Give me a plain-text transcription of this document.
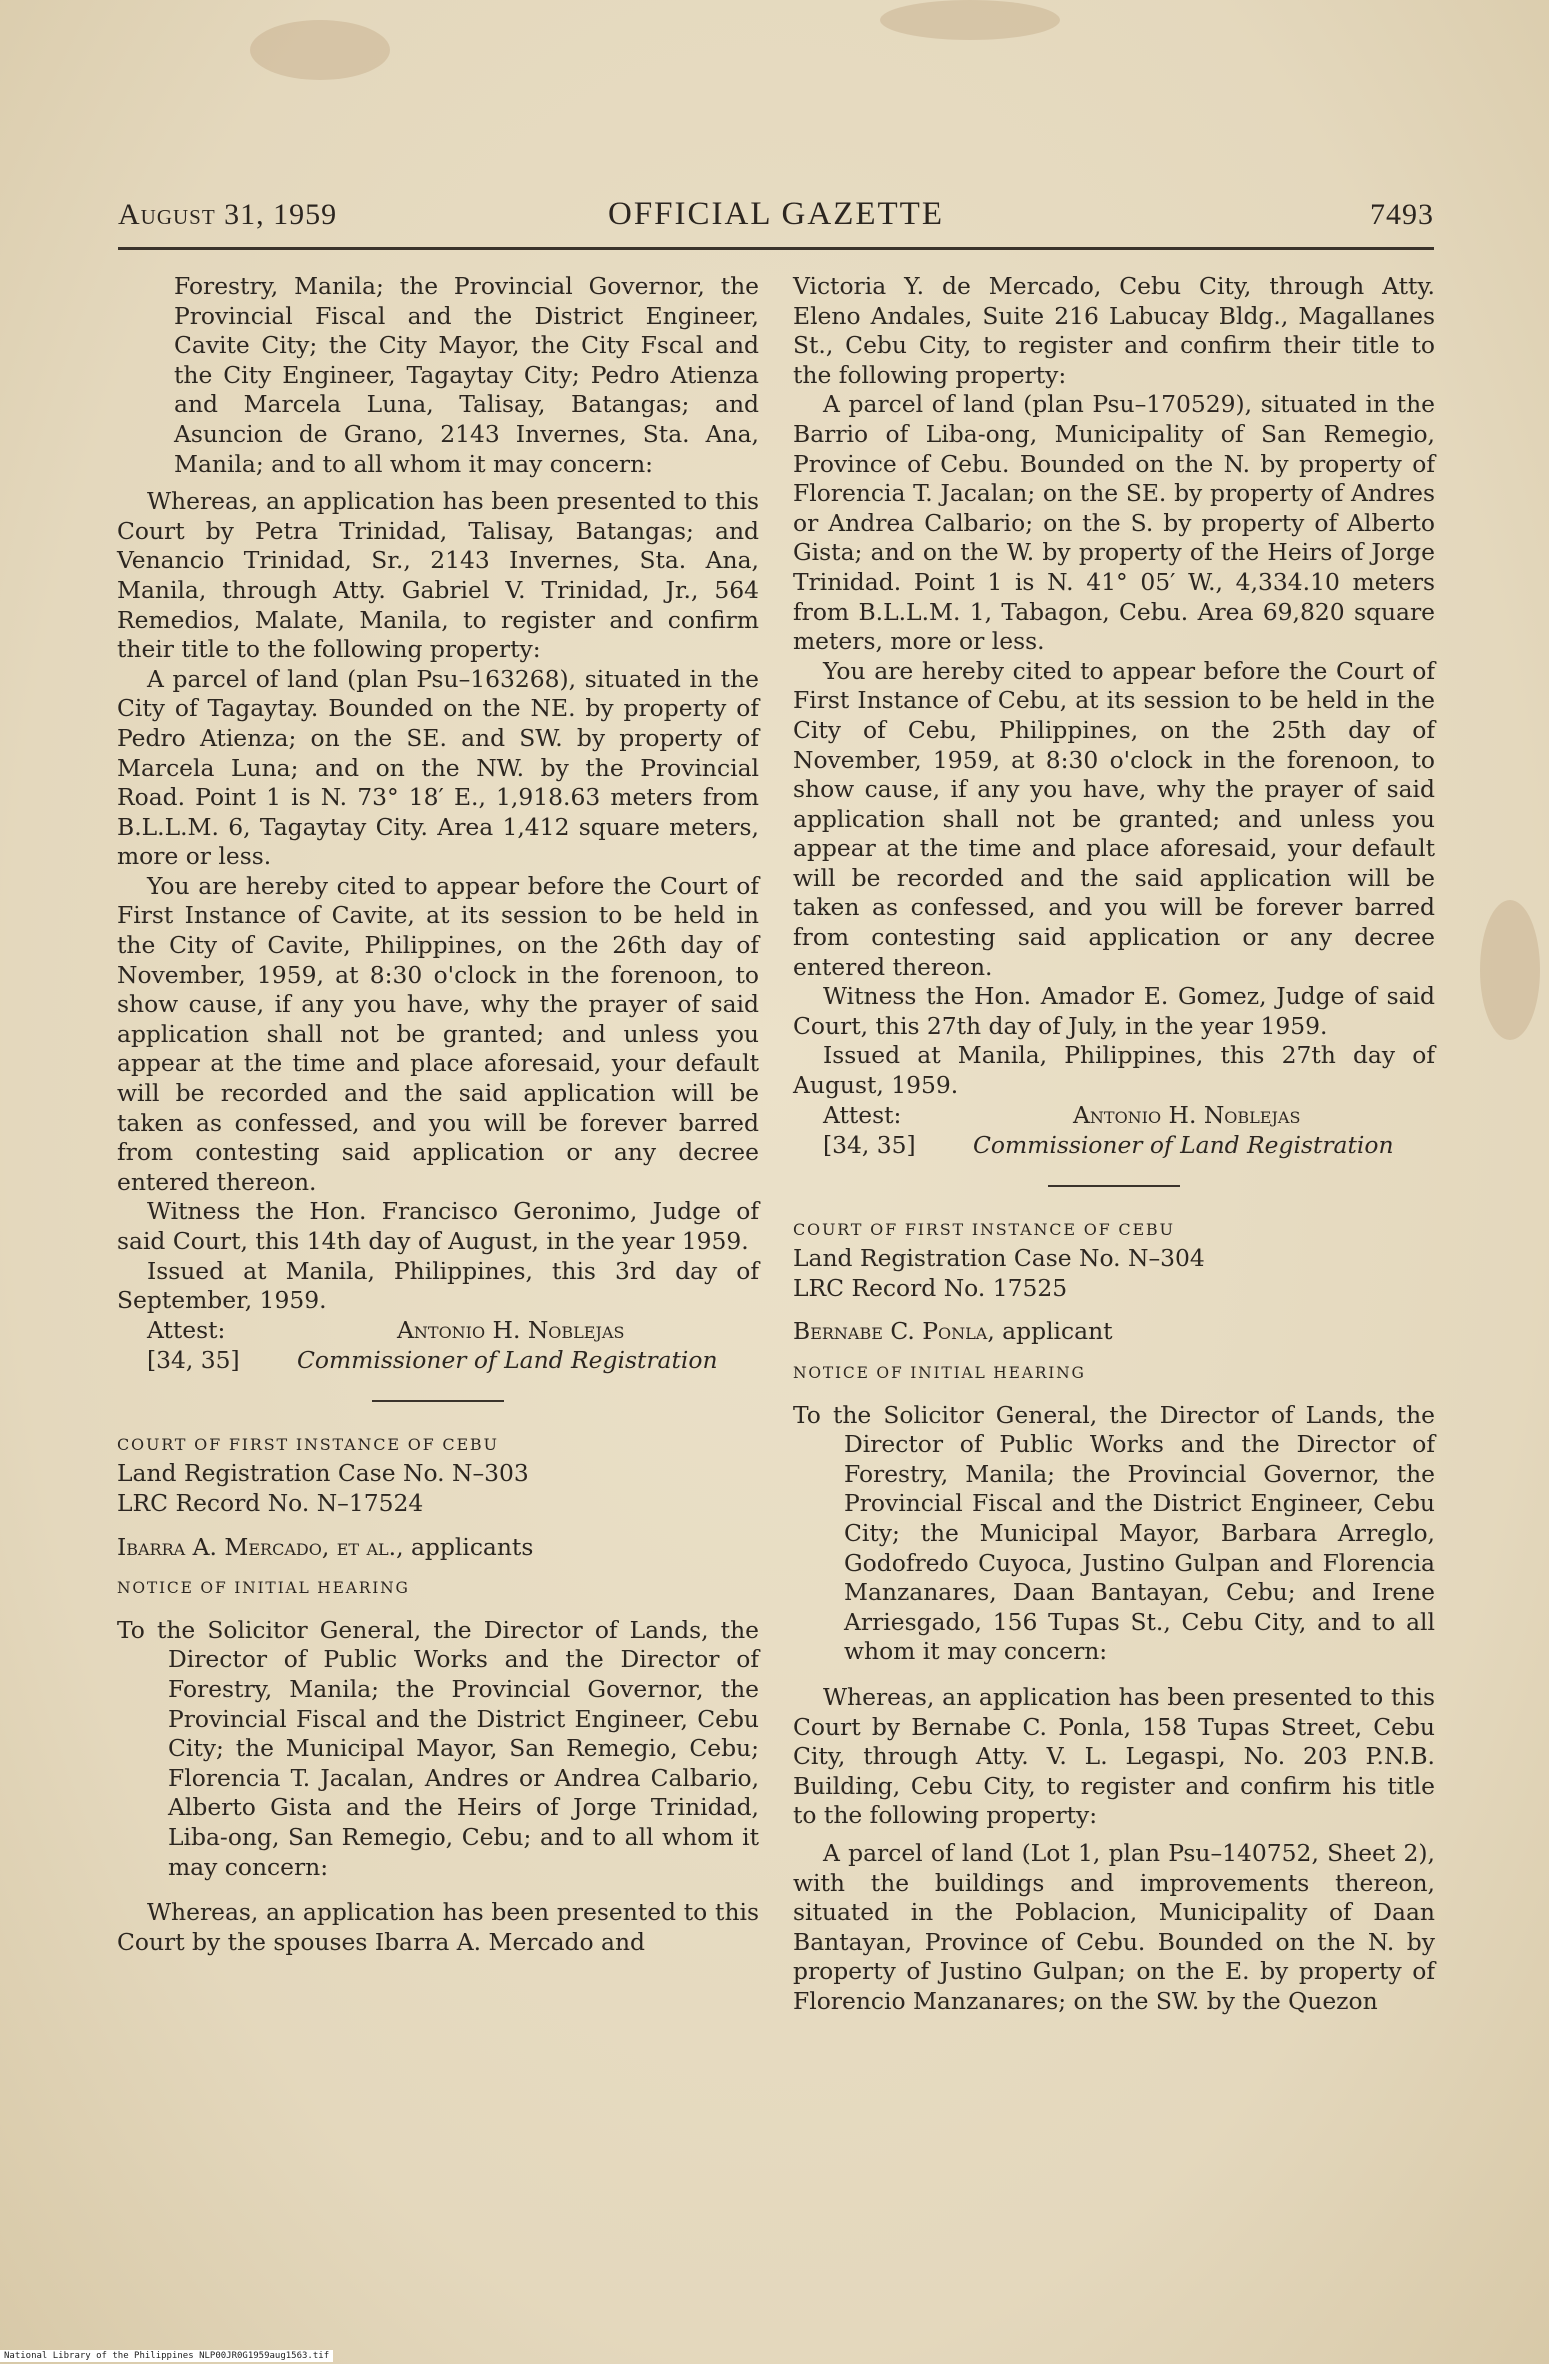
August 31, 1959	OFFICIAL GAZETTE	7493

Forestry, Manila; the Provincial Governor, the Provincial Fiscal and the District Engineer, Cavite City; the City Mayor, the City Fscal and the City Engineer, Tagaytay City; Pedro Atienza and Marcela Luna, Talisay, Batangas; and Asuncion de Grano, 2143 Invernes, Sta. Ana, Manila; and to all whom it may concern:

Whereas, an application has been presented to this Court by Petra Trinidad, Talisay, Batangas; and Venancio Trinidad, Sr., 2143 Invernes, Sta. Ana, Manila, through Atty. Gabriel V. Trinidad, Jr., 564 Remedios, Malate, Manila, to register and confirm their title to the following property:

A parcel of land (plan Psu–163268), situated in the City of Tagaytay. Bounded on the NE. by property of Pedro Atienza; on the SE. and SW. by property of Marcela Luna; and on the NW. by the Provincial Road. Point 1 is N. 73° 18′ E., 1,918.63 meters from B.L.L.M. 6, Tagaytay City. Area 1,412 square meters, more or less.

You are hereby cited to appear before the Court of First Instance of Cavite, at its session to be held in the City of Cavite, Philippines, on the 26th day of November, 1959, at 8:30 o'clock in the forenoon, to show cause, if any you have, why the prayer of said application shall not be granted; and unless you appear at the time and place aforesaid, your default will be recorded and the said application will be taken as confessed, and you will be forever barred from contesting said application or any decree entered thereon.

Witness the Hon. Francisco Geronimo, Judge of said Court, this 14th day of August, in the year 1959.

Issued at Manila, Philippines, this 3rd day of September, 1959.

Attest:	Antonio H. Noblejas
[34, 35] Commissioner of Land Registration

COURT OF FIRST INSTANCE OF CEBU

Land Registration Case No. N–303

LRC Record No. N–17524

Ibarra A. Mercado, et al., applicants

NOTICE OF INITIAL HEARING

To the Solicitor General, the Director of Lands, the Director of Public Works and the Director of Forestry, Manila; the Provincial Governor, the Provincial Fiscal and the District Engineer, Cebu City; the Municipal Mayor, San Remegio, Cebu; Florencia T. Jacalan, Andres or Andrea Calbario, Alberto Gista and the Heirs of Jorge Trinidad, Liba-ong, San Remegio, Cebu; and to all whom it may concern:

Whereas, an application has been presented to this Court by the spouses Ibarra A. Mercado and

Victoria Y. de Mercado, Cebu City, through Atty. Eleno Andales, Suite 216 Labucay Bldg., Magallanes St., Cebu City, to register and confirm their title to the following property:

A parcel of land (plan Psu–170529), situated in the Barrio of Liba-ong, Municipality of San Remegio, Province of Cebu. Bounded on the N. by property of Florencia T. Jacalan; on the SE. by property of Andres or Andrea Calbario; on the S. by property of Alberto Gista; and on the W. by property of the Heirs of Jorge Trinidad. Point 1 is N. 41° 05′ W., 4,334.10 meters from B.L.L.M. 1, Tabagon, Cebu. Area 69,820 square meters, more or less.

You are hereby cited to appear before the Court of First Instance of Cebu, at its session to be held in the City of Cebu, Philippines, on the 25th day of November, 1959, at 8:30 o'clock in the forenoon, to show cause, if any you have, why the prayer of said application shall not be granted; and unless you appear at the time and place aforesaid, your default will be recorded and the said application will be taken as confessed, and you will be forever barred from contesting said application or any decree entered thereon.

Witness the Hon. Amador E. Gomez, Judge of said Court, this 27th day of July, in the year 1959.

Issued at Manila, Philippines, this 27th day of August, 1959.

Attest:	Antonio H. Noblejas
[34, 35] Commissioner of Land Registration

COURT OF FIRST INSTANCE OF CEBU

Land Registration Case No. N–304

LRC Record No. 17525

Bernabe C. Ponla, applicant

NOTICE OF INITIAL HEARING

To the Solicitor General, the Director of Lands, the Director of Public Works and the Director of Forestry, Manila; the Provincial Governor, the Provincial Fiscal and the District Engineer, Cebu City; the Municipal Mayor, Barbara Arreglo, Godofredo Cuyoca, Justino Gulpan and Florencia Manzanares, Daan Bantayan, Cebu; and Irene Arriesgado, 156 Tupas St., Cebu City, and to all whom it may concern:

Whereas, an application has been presented to this Court by Bernabe C. Ponla, 158 Tupas Street, Cebu City, through Atty. V. L. Legaspi, No. 203 P.N.B. Building, Cebu City, to register and confirm his title to the following property:

A parcel of land (Lot 1, plan Psu–140752, Sheet 2), with the buildings and improvements thereon, situated in the Poblacion, Municipality of Daan Bantayan, Province of Cebu. Bounded on the N. by property of Justino Gulpan; on the E. by property of Florencio Manzanares; on the SW. by the Quezon

National Library of the Philippines NLP00JR0G1959aug1563.tif
